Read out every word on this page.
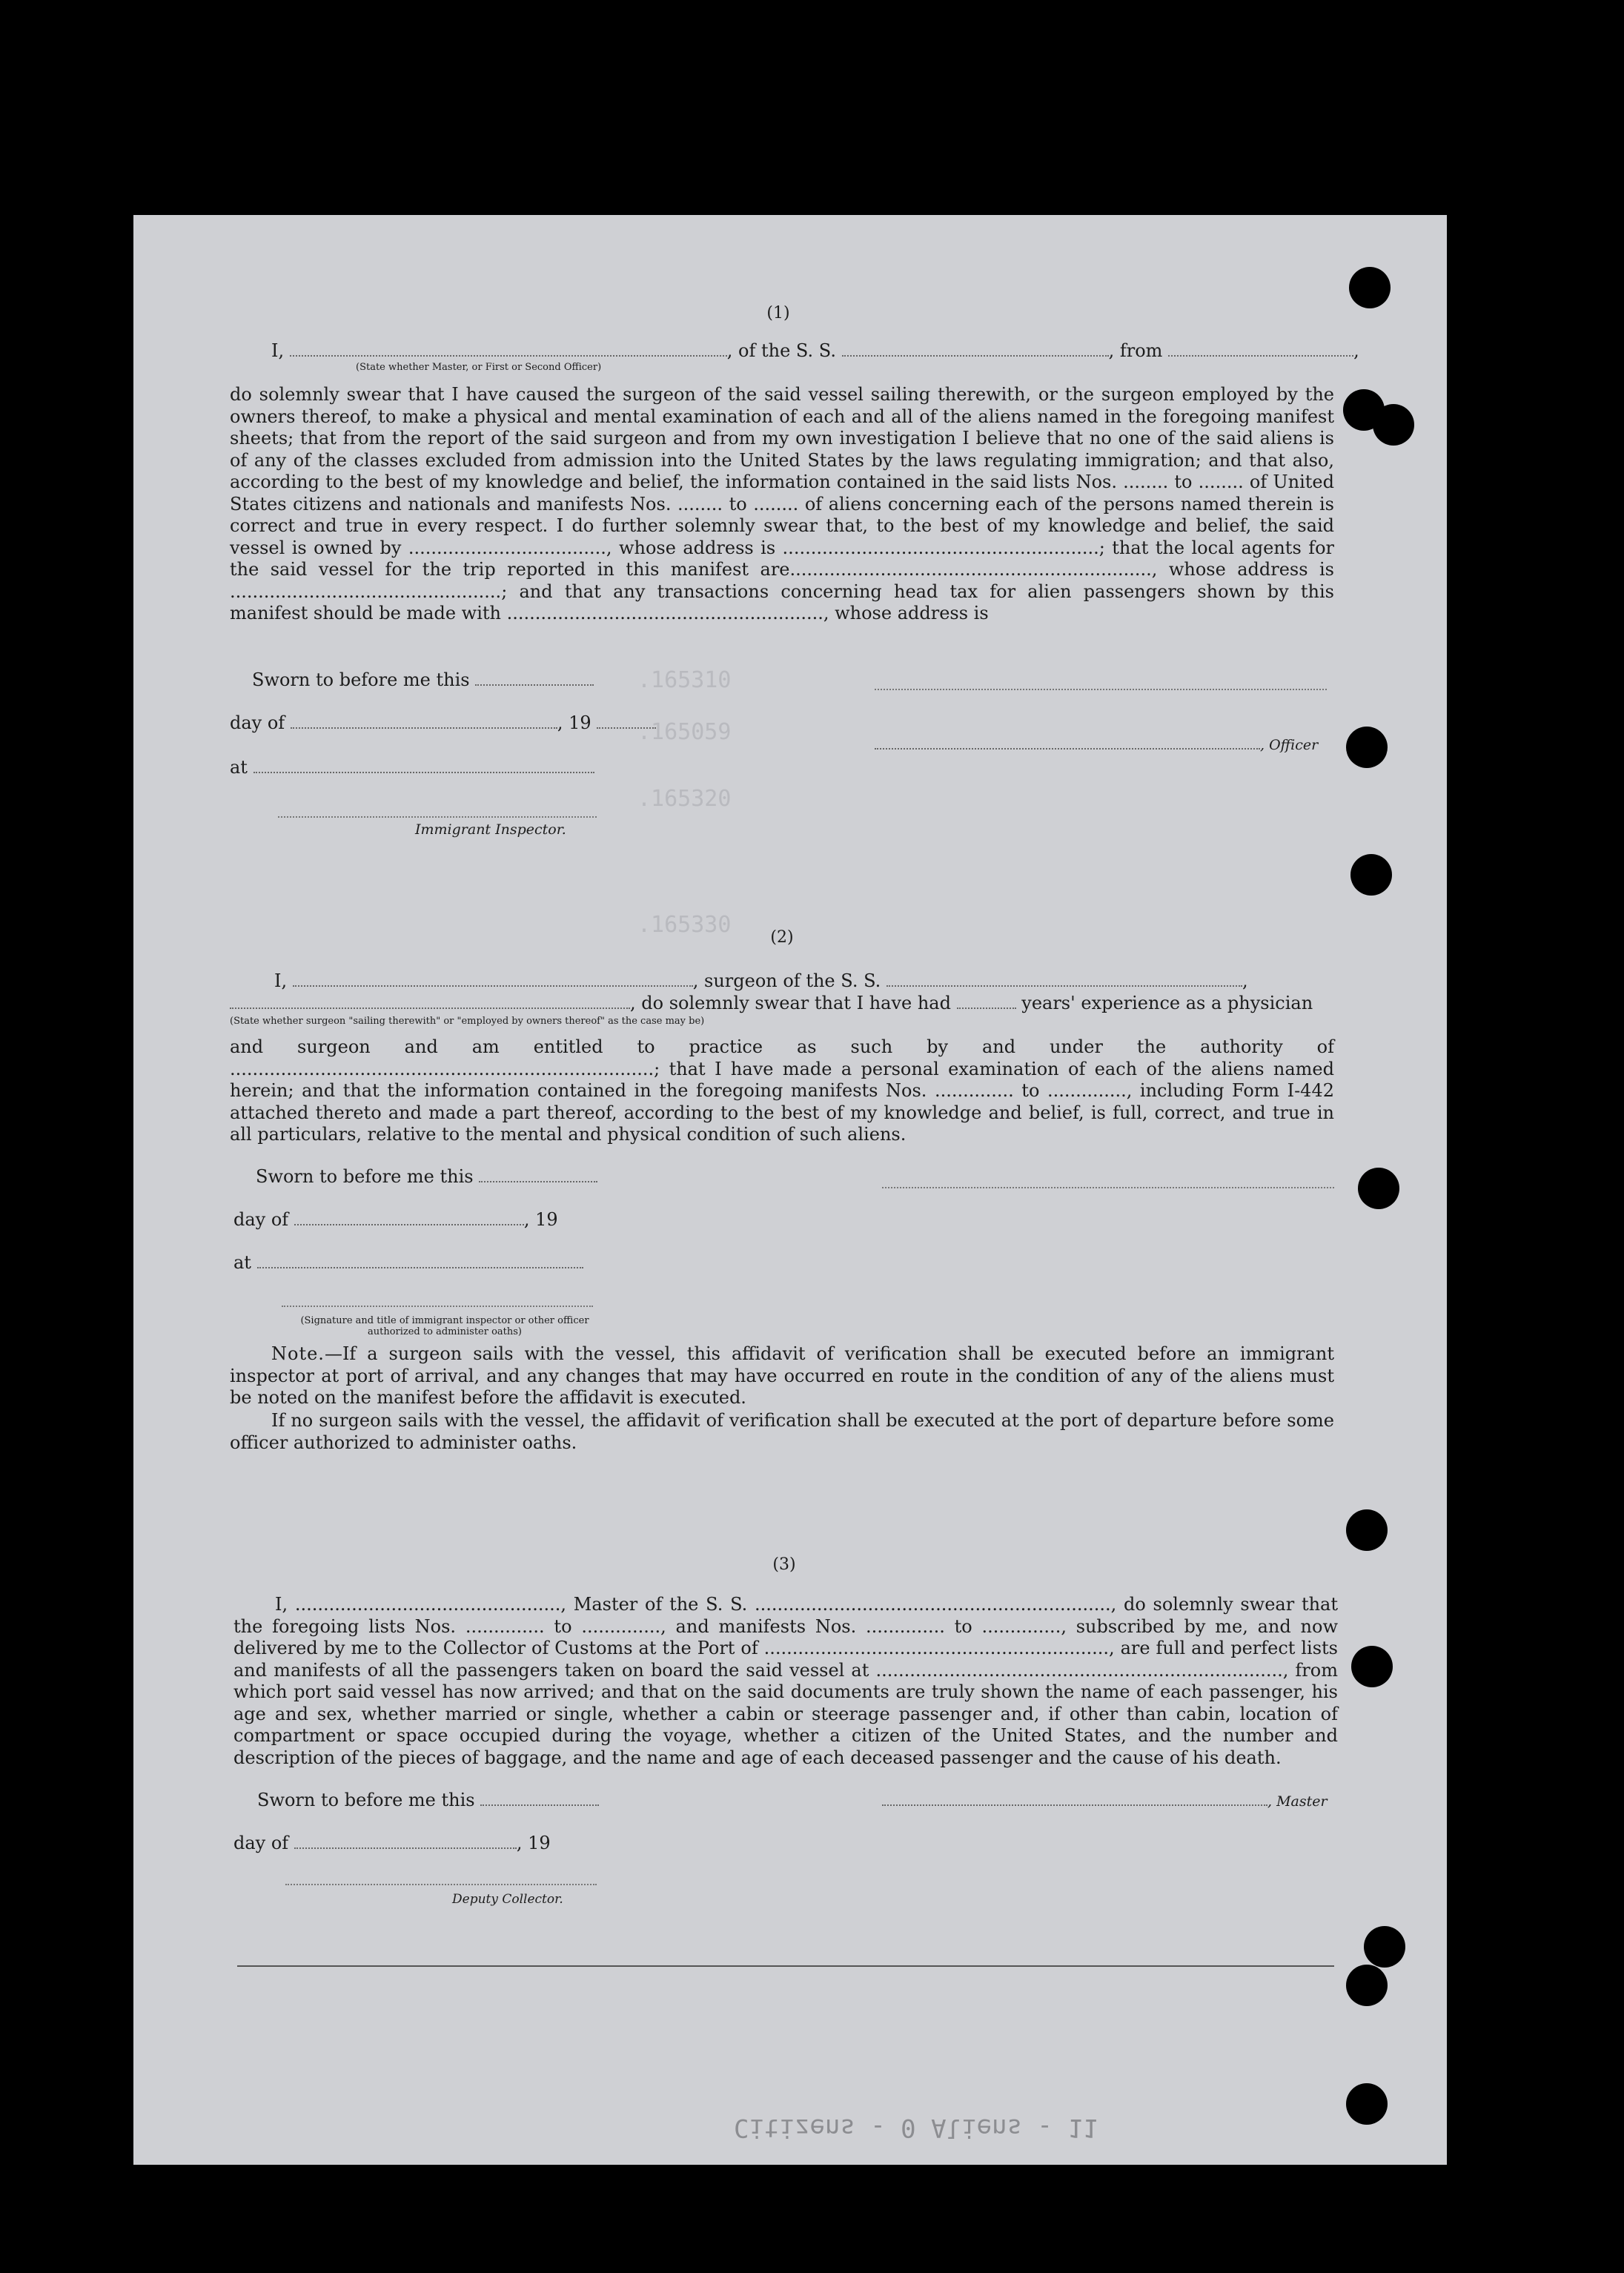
.165310
.165059
.165320
.165330
(1)
I,	, of the S. S.	, from	,
(State whether Master, or First or Second Officer)
do solemnly swear that I have caused the surgeon of the said vessel sailing therewith, or the surgeon employed by the owners thereof, to make a physical and mental examination of each and all of the aliens named in the foregoing manifest sheets; that from the report of the said surgeon and from my own investigation I believe that no one of the said aliens is of any of the classes excluded from admission into the United States by the laws regulating immigration; and that also, according to the best of my knowledge and belief, the information contained in the said lists Nos. ........ to ........ of United States citizens and nationals and manifests Nos. ........ to ........ of aliens concerning each of the persons named therein is correct and true in every respect. I do further solemnly swear that, to the best of my knowledge and belief, the said vessel is owned by ..................................., whose address is ........................................................; that the local agents for the said vessel for the trip reported in this manifest are................................................................, whose address is ................................................; and that any transactions concerning head tax for alien passengers shown by this manifest should be made with ........................................................, whose address is
Sworn to before me this
day of	, 19
at
Immigrant Inspector.
, Officer
(2)
I,	, surgeon of the S. S.	,
, do solemnly swear that I have had	years' experience as a physician
(State whether surgeon "sailing therewith" or "employed by owners thereof" as the case may be)
and surgeon and am entitled to practice as such by and under the authority of ...........................................................................; that I have made a personal examination of each of the aliens named herein; and that the information contained in the foregoing manifests Nos. .............. to .............., including Form I-442 attached thereto and made a part thereof, according to the best of my knowledge and belief, is full, correct, and true in all particulars, relative to the mental and physical condition of such aliens.
Sworn to before me this
day of	, 19
at
(Signature and title of immigrant inspector or other officer authorized to administer oaths)
Note.—If a surgeon sails with the vessel, this affidavit of verification shall be executed before an immigrant inspector at port of arrival, and any changes that may have occurred en route in the condition of any of the aliens must be noted on the manifest before the affidavit is executed.
If no surgeon sails with the vessel, the affidavit of verification shall be executed at the port of departure before some officer authorized to administer oaths.
(3)
I, ..............................................., Master of the S. S. ..............................................................., do solemnly swear that the foregoing lists Nos. .............. to .............., and manifests Nos. .............. to .............., subscribed by me, and now delivered by me to the Collector of Customs at the Port of ............................................................., are full and perfect lists and manifests of all the passengers taken on board the said vessel at ........................................................................, from which port said vessel has now arrived; and that on the said documents are truly shown the name of each passenger, his age and sex, whether married or single, whether a cabin or steerage passenger and, if other than cabin, location of compartment or space occupied during the voyage, whether a citizen of the United States, and the number and description of the pieces of baggage, and the name and age of each deceased passenger and the cause of his death.
Sworn to before me this	, Master
day of	, 19
Deputy Collector.
Citizens - 0 Aliens - 11
